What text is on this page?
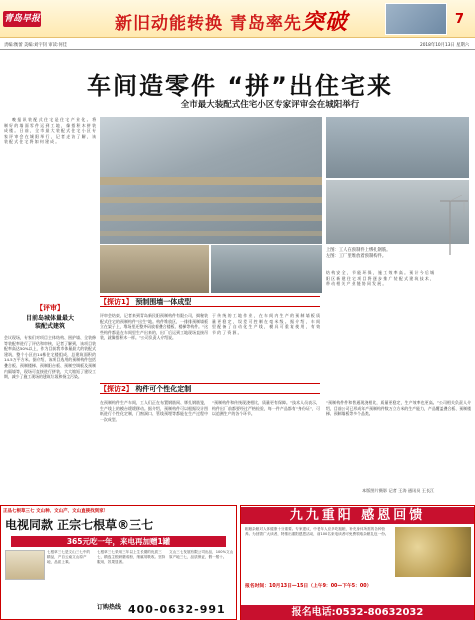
青岛早报	新旧动能转换 青岛率先突破	7
责编:衡蕾 美编:刘宇钊 审读:何佳	2018年10月13日 星期六
车间造零件 “拼”出住宅来
全市最大装配式住宅小区专家评审会在城阳举行

晚 报 讯 装 配 式 住 宅 是 住 宅 产 业 化 。 将 制 好 的 墙 面 零 件 运 到 工 地 ， 像 搭 积 木 拼 装 成 楼 。 日 前 ， 全 市 最 大 装 配 式 住 宅 小 区 专 家 评 审 会 在 城 阳 举 行 ， 记 者 走 访 了 解 ， 该 装 配 式 住 宅 将 如 何 建 成 。

上图：工人在预制件上绑扎钢筋。
左图：工厂里堆放着预制构件。
【评审】
目前岛城体量最大
装配式建筑

会议现场，专家们对项目主体结构、围护墙、全装修等装配率进行了评估和审核，记者了解到，该项目装配率高达50%以上，作为目前我市体量最大的装配式建筑，整个小区由14栋住宅楼组成，总建筑面积约14.5万平方米。据介绍，该项目选用的预制构件包括叠合板、预制楼梯、预制阳台板、预制空调板及预制内隔墙等，现场可直接进行拼装，大大缩短了建设工期，减少了施工现场的建筑垃圾和扬尘污染。

【探访1】 预制围墙一体成型

评审会结束，记者来到青岛新民阳预制构件有限公司，揭秘装配式住宅的预制构件“出生”地。构件堆放区，一排排预制墙板立在架子上，堆场里还整齐码放着叠合楼板、楼梯等构件。“这些构件都是在车间里生产出来的，出厂后运到工地现场直接吊装，就像搭积木一样。”公司负责人介绍说。

于 传 统 的 工 地 作 业 ， 在 车 间 内 生 产 的 预 制 墙 板 质 量 更 稳 定 ， 误 差 可 控 制 在 毫 米 级 。 据 介 绍 ， 车 间 里 配 备 了 自 动 化 生 产 线 ， 模 具 可 重 复 使 用 ， 有 效 节 约 了 资 源 。

结 构 安 全 ， 节 能 环 保 ， 施 工 效 率 高 。 预 计 今 后 城 阳 区 新 建 住 宅 项 目 将 逐 步 推 广 装 配 式 建 筑 技 术 ， 带 动 相 关 产 业 链 协 同 发 展 。

【探访2】 构件可个性化定制

在预制构件生产车间，工人们正在布置钢筋网、绑扎钢筋笼，生产线上的模台缓缓移动。据介绍，预制构件可以根据设计图纸进行个性化定制，门窗洞口、管线预埋等都能在生产过程中一次成型。

“预制构件和传统现浇相比，质量更有保障。”技术人员表示，构件出厂前都要经过严格检验，每一件产品都有“身份证”，可以追溯生产的各个环节。

“预制构件件和普通现浇相比，质量更稳定，生产效率也更高。”公司相关负责人介绍，目前公司已形成年产预制构件数万立方米的生产能力，产品覆盖叠合板、预制楼梯、预制墙板等多个品类。

本版图片摄影 记者 王涛 通讯员 王长江
正品七根草三七 文山种、文山产、文山直接找到家！
电视同款 正宗七根草®三七
365元吃一年，来电再加赠1罐

七根草三七是文山三七中的精品，产自云南文山原产地，品质上乘。

七根草三七采用三年以上生长期的优质三七，精选主根研磨成粉，细腻易吸收。坚持服用，效果显著。

文山三七发展有限公司出品，100%文山原产地三七，品质保证，假一赔十。

订购热线 400-0632-991
九九重阳 感恩回馈

粗粮杂粮对人体健康十分重要。专家建议，中老年人应多吃粗粮，补充身体所需的各种营养。为回馈广大读者，特推出重阳感恩活动，前100名来电读者可免费领取杂粮礼包一份。

报名时间：10月13日—15日（上午9：00—下午5：00）
报名电话:0532-80632032
